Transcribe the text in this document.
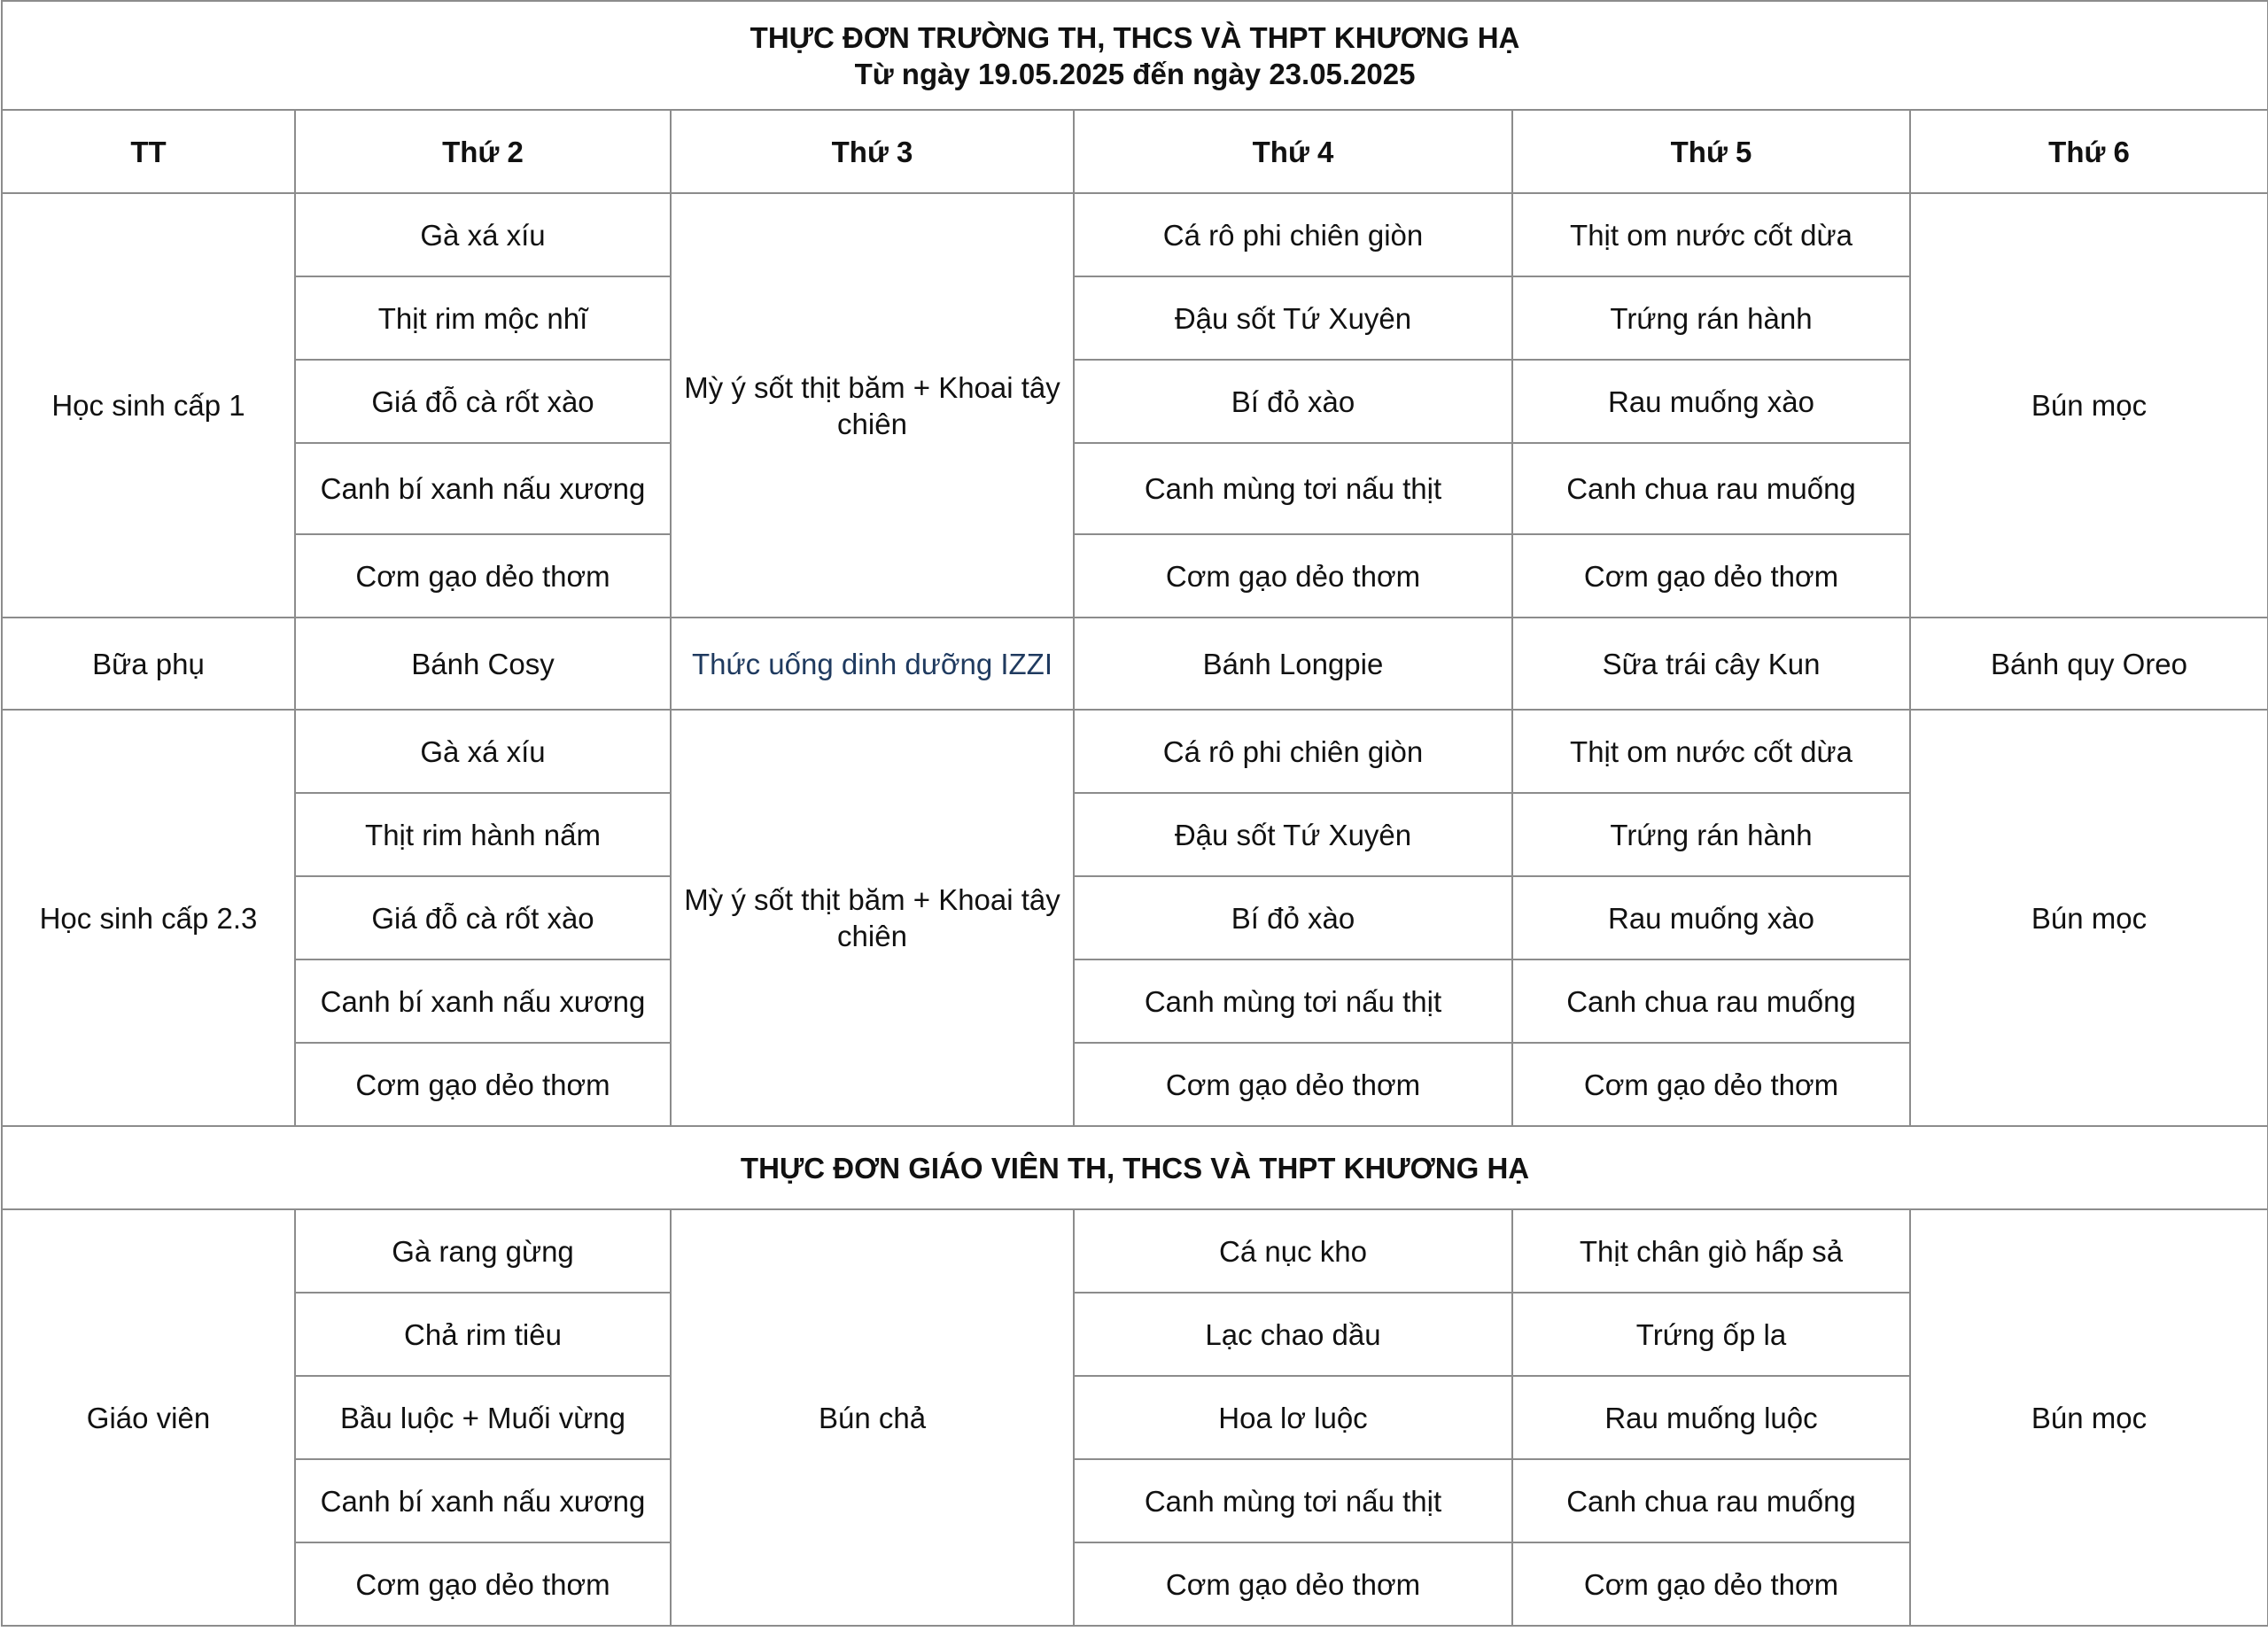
THỰC ĐƠN TRƯỜNG TH, THCS VÀ THPT KHƯƠNG HẠ
Từ ngày 19.05.2025 đến ngày 23.05.2025					

TT	Thứ 2	Thứ 3	Thứ 4	Thứ 5	Thứ 6
Học sinh cấp 1	Gà xá xíu	Mỳ ý sốt thịt băm + Khoai tây chiên	Cá rô phi chiên giòn	Thịt om nước cốt dừa	Bún mọc
	Thịt rim mộc nhĩ		Đậu sốt Tứ Xuyên	Trứng rán hành	
	Giá đỗ cà rốt xào		Bí đỏ xào	Rau muống xào	
	Canh bí xanh nấu xương		Canh mùng tơi nấu thịt	Canh chua rau muống	
	Cơm gạo dẻo thơm		Cơm gạo dẻo thơm	Cơm gạo dẻo thơm	
Bữa phụ	Bánh Cosy	Thức uống dinh dưỡng IZZI	Bánh Longpie	Sữa trái cây Kun	Bánh quy Oreo
Học sinh cấp 2.3	Gà xá xíu	Mỳ ý sốt thịt băm + Khoai tây chiên	Cá rô phi chiên giòn	Thịt om nước cốt dừa	Bún mọc
	Thịt rim hành nấm		Đậu sốt Tứ Xuyên	Trứng rán hành	
	Giá đỗ cà rốt xào		Bí đỏ xào	Rau muống xào	
	Canh bí xanh nấu xương		Canh mùng tơi nấu thịt	Canh chua rau muống	
	Cơm gạo dẻo thơm		Cơm gạo dẻo thơm	Cơm gạo dẻo thơm	
THỰC ĐƠN GIÁO VIÊN TH, THCS VÀ THPT KHƯƠNG HẠ					
Giáo viên	Gà rang gừng	Bún chả	Cá nục kho	Thịt chân giò hấp sả	Bún mọc
	Chả rim tiêu		Lạc chao dầu	Trứng ốp la	
	Bầu luộc + Muối vừng		Hoa lơ luộc	Rau muống luộc	
	Canh bí xanh nấu xương		Canh mùng tơi nấu thịt	Canh chua rau muống	
	Cơm gạo dẻo thơm		Cơm gạo dẻo thơm	Cơm gạo dẻo thơm	
